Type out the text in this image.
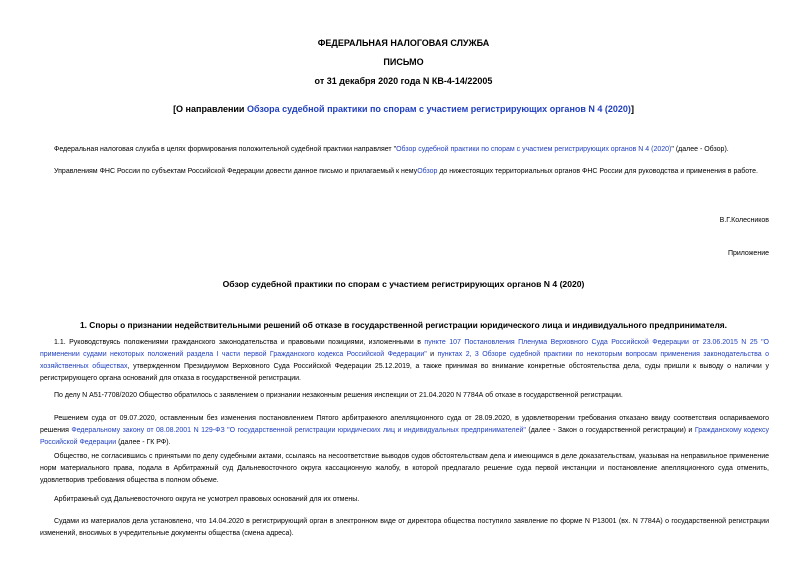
ФЕДЕРАЛЬНАЯ НАЛОГОВАЯ СЛУЖБА
ПИСЬМО
от 31 декабря 2020 года N КВ-4-14/22005
[О направлении Обзора судебной практики по спорам с участием регистрирующих органов N 4 (2020)]
Федеральная налоговая служба в целях формирования положительной судебной практики направляет "Обзор судебной практики по спорам с участием регистрирующих органов N 4 (2020)" (далее - Обзор).
Управлениям ФНС России по субъектам Российской Федерации довести данное письмо и прилагаемый к немуОбзор до нижестоящих территориальных органов ФНС России для руководства и применения в работе.
В.Г.Колесников
Приложение
Обзор судебной практики по спорам с участием регистрирующих органов N 4 (2020)
1. Споры о признании недействительными решений об отказе в государственной регистрации юридического лица и индивидуального предпринимателя.
1.1. Руководствуясь положениями гражданского законодательства и правовыми позициями, изложенными в пункте 107 Постановления Пленума Верховного Суда Российской Федерации от 23.06.2015 N 25 "О применении судами некоторых положений раздела I части первой Гражданского кодекса Российской Федерации" и пунктах 2, 3 Обзоре судебной практики по некоторым вопросам применения законодательства о хозяйственных обществах, утвержденном Президиумом Верховного Суда Российской Федерации 25.12.2019, а также принимая во внимание конкретные обстоятельства дела, суды пришли к выводу о наличии у регистрирующего органа оснований для отказа в государственной регистрации.
По делу N А51-7708/2020 Общество обратилось с заявлением о признании незаконным решения инспекции от 21.04.2020 N 7784А об отказе в государственной регистрации.
Решением суда от 09.07.2020, оставленным без изменения постановлением Пятого арбитражного апелляционного суда от 28.09.2020, в удовлетворении требования отказано ввиду соответствия оспариваемого решения Федеральному закону от 08.08.2001 N 129-ФЗ "О государственной регистрации юридических лиц и индивидуальных предпринимателей" (далее - Закон о государственной регистрации) и Гражданскому кодексу Российской Федерации (далее - ГК РФ).
Общество, не согласившись с принятыми по делу судебными актами, ссылаясь на несоответствие выводов судов обстоятельствам дела и имеющимся в деле доказательствам, указывая на неправильное применение норм материального права, подала в Арбитражный суд Дальневосточного округа кассационную жалобу, в которой предлагало решение суда первой инстанции и постановление апелляционного суда отменить, удовлетворив требования общества в полном объеме.
Арбитражный суд Дальневосточного округа не усмотрел правовых оснований для их отмены.
Судами из материалов дела установлено, что 14.04.2020 в регистрирующий орган в электронном виде от директора общества поступило заявление по форме N Р13001 (вх. N 7784А) о государственной регистрации изменений, вносимых в учредительные документы общества (смена адреса).
